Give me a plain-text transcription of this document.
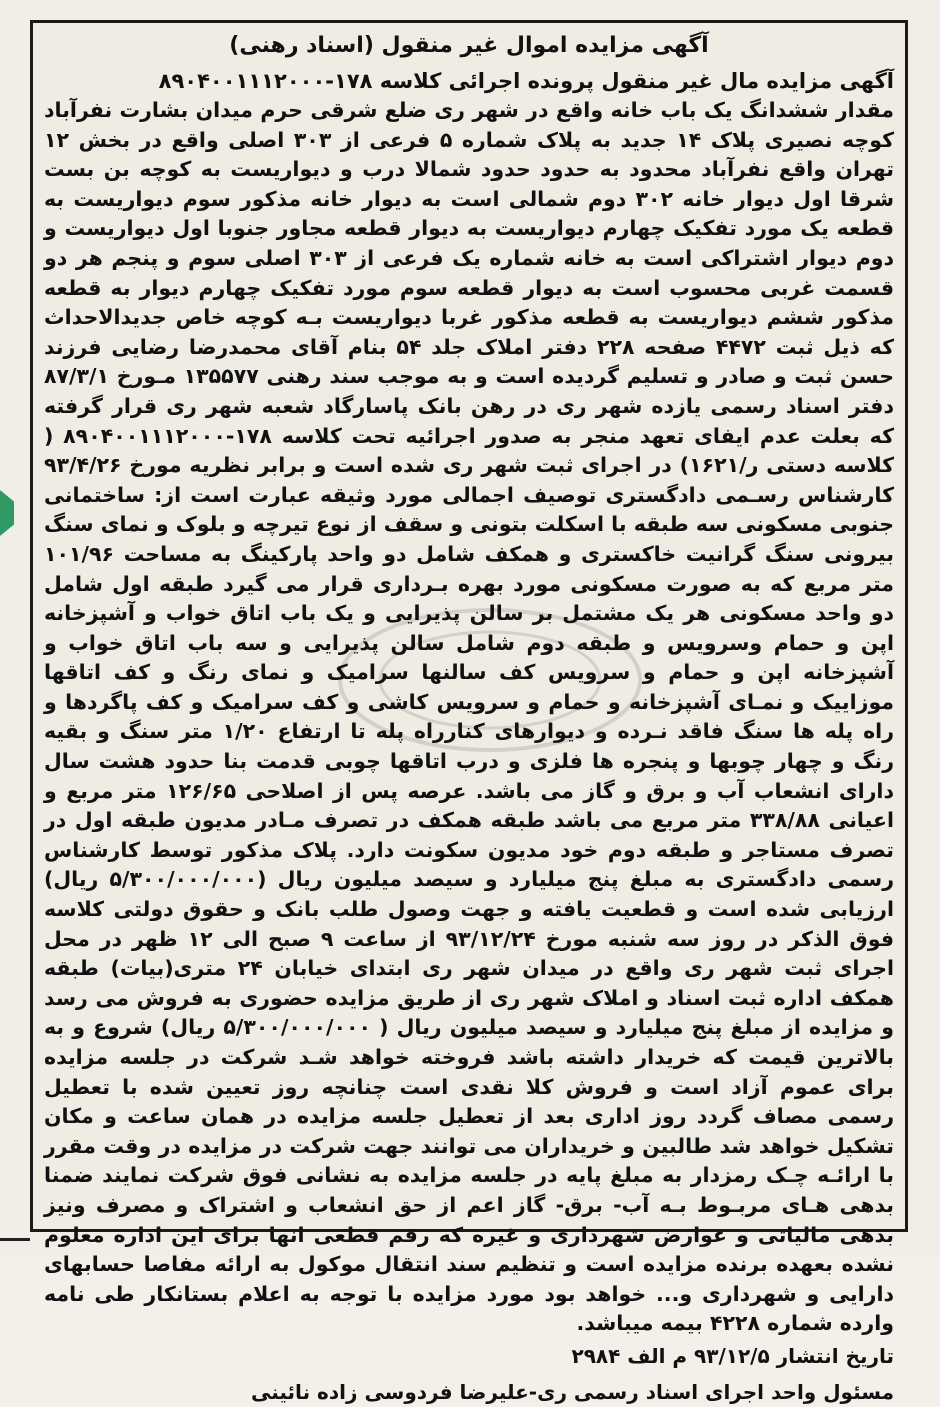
آگهی مزایده اموال غیر منقول (اسناد رهنی)

آگهی مزایده مال غیر منقول پرونده اجرائی کلاسه ۱۷۸-۸۹۰۴۰۰۱۱۱۲۰۰۰

مقدار ششدانگ یک باب خانه واقع در شهر ری ضلع شرقی حرم میدان بشارت نفرآباد کوچه نصیری پلاک ۱۴ جدید به پلاک شماره ۵ فرعی از ۳۰۳ اصلی واقع در بخش ۱۲ تهران واقع نفرآباد محدود به حدود حدود شمالا درب و دیواریست به کوچه بن بست شرقا اول دیوار خانه ۳۰۲ دوم شمالی است به دیوار خانه مذکور سوم دیواریست به قطعه یک مورد تفکیک چهارم دیواریست به دیوار قطعه مجاور جنوبا اول دیواریست و دوم دیوار اشتراکی است به خانه شماره یک فرعی از ۳۰۳ اصلی سوم و پنجم هر دو قسمت غربی محسوب است به دیوار قطعه سوم مورد تفکیک چهارم دیوار به قطعه مذکور ششم دیواریست به قطعه مذکور غربا دیواریست بـه کوچه خاص جدیدالاحداث که ذیل ثبت ۴۴۷۲ صفحه ۲۲۸ دفتر املاک جلد ۵۴ بنام آقای محمدرضا رضایی فرزند حسن ثبت و صادر و تسلیم گردیده است و به موجب سند رهنی ۱۳۵۵۷۷ مـورخ ۸۷/۳/۱ دفتر اسناد رسمی یازده شهر ری در رهن بانک پاسارگاد شعبه شهر ری قرار گرفته که بعلت عدم ایفای تعهد منجر به صدور اجرائیه تحت کلاسه ۱۷۸-۸۹۰۴۰۰۱۱۱۲۰۰۰ ( کلاسه دستی ر/۱۶۲۱) در اجرای ثبت شهر ری شده است و برابر نظریه مورخ ۹۳/۴/۲۶ کارشناس رسـمی دادگستری توصیف اجمالی مورد وثیقه عبارت است از: ساختمانی جنوبی مسکونی سه طبقه با اسکلت بتونی و سقف از نوع تیرچه و بلوک و نمای سنگ بیرونی سنگ گرانیت خاکستری و همکف شامل دو واحد پارکینگ به مساحت ۱۰۱/۹۶ متر مربع که به صورت مسکونی مورد بهره بـرداری قرار می گیرد طبقه اول شامل دو واحد مسکونی هر یک مشتمل بر سالن پذیرایی و یک باب اتاق خواب و آشپزخانه اپن و حمام وسرویس و طبقه دوم شامل سالن پذیرایی و سه باب اتاق خواب و آشپزخانه اپن و حمام و سرویس کف سالنها سرامیک و نمای رنگ و کف اتاقها موزاییک و نمـای آشپزخانه و حمام و سرویس کاشی و کف سرامیک و کف پاگردها و راه پله ها سنگ فاقد نـرده و دیوارهای کنارراه پله تا ارتفاع ۱/۲۰ متر سنگ و بقیه رنگ و چهار چوبها و پنجره ها فلزی و درب اتاقها چوبی قدمت بنا حدود هشت سال دارای انشعاب آب و برق و گاز می باشد. عرصه پس از اصلاحی ۱۲۶/۶۵ متر مربع و اعیانی ۳۳۸/۸۸ متر مربع می باشد طبقه همکف در تصرف مـادر مدیون طبقه اول در تصرف مستاجر و طبقه دوم خود مدیون سکونت دارد. پلاک مذکور توسط کارشناس رسمی دادگستری به مبلغ پنج میلیارد و سیصد میلیون ریال (۵/۳۰۰/۰۰۰/۰۰۰ ریال) ارزیابی شده است و قطعیت یافته و جهت وصول طلب بانک و حقوق دولتی کلاسه فوق الذکر در روز سه شنبه مورخ ۹۳/۱۲/۲۴ از ساعت ۹ صبح الی ۱۲ ظهر در محل اجرای ثبت شهر ری واقع در میدان شهر ری ابتدای خیابان ۲۴ متری(بیات) طبقه همکف اداره ثبت اسناد و املاک شهر ری از طریق مزایده حضوری به فروش می رسد و مزایده از مبلغ پنج میلیارد و سیصد میلیون ریال ( ۵/۳۰۰/۰۰۰/۰۰۰ ریال) شروع و به بالاترین قیمت که خریدار داشته باشد فروخته خواهد شـد شرکت در جلسه مزایده برای عموم آزاد است و فروش کلا نقدی است چنانچه روز تعیین شده با تعطیل رسمی مصاف گردد روز اداری بعد از تعطیل جلسه مزایده در همان ساعت و مکان تشکیل خواهد شد طالبین و خریداران می توانند جهت شرکت در مزایده در وقت مقرر با ارائـه چـک رمزدار به مبلغ پایه در جلسه مزایده به نشانی فوق شرکت نمایند ضمنا بدهی هـای مربـوط بـه آب- برق- گاز اعم از حق انشعاب و اشتراک و مصرف ونیز بدهی مالیاتی و عوارض شهرداری و غیره که رقم قطعی انها برای این اداره معلوم نشده بعهده برنده مزایده است و تنظیم سند انتقال موکول به ارائه مفاصا حسابهای دارایی و شهرداری و... خواهد بود مورد مزایده با توجه به اعلام بستانکار طی نامه وارده شماره ۴۲۲۸ بیمه میباشد.

تاریخ انتشار ۹۳/۱۲/۵ م الف ۲۹۸۴

مسئول واحد اجرای اسناد رسمی ری-علیرضا فردوسی زاده نائینی
